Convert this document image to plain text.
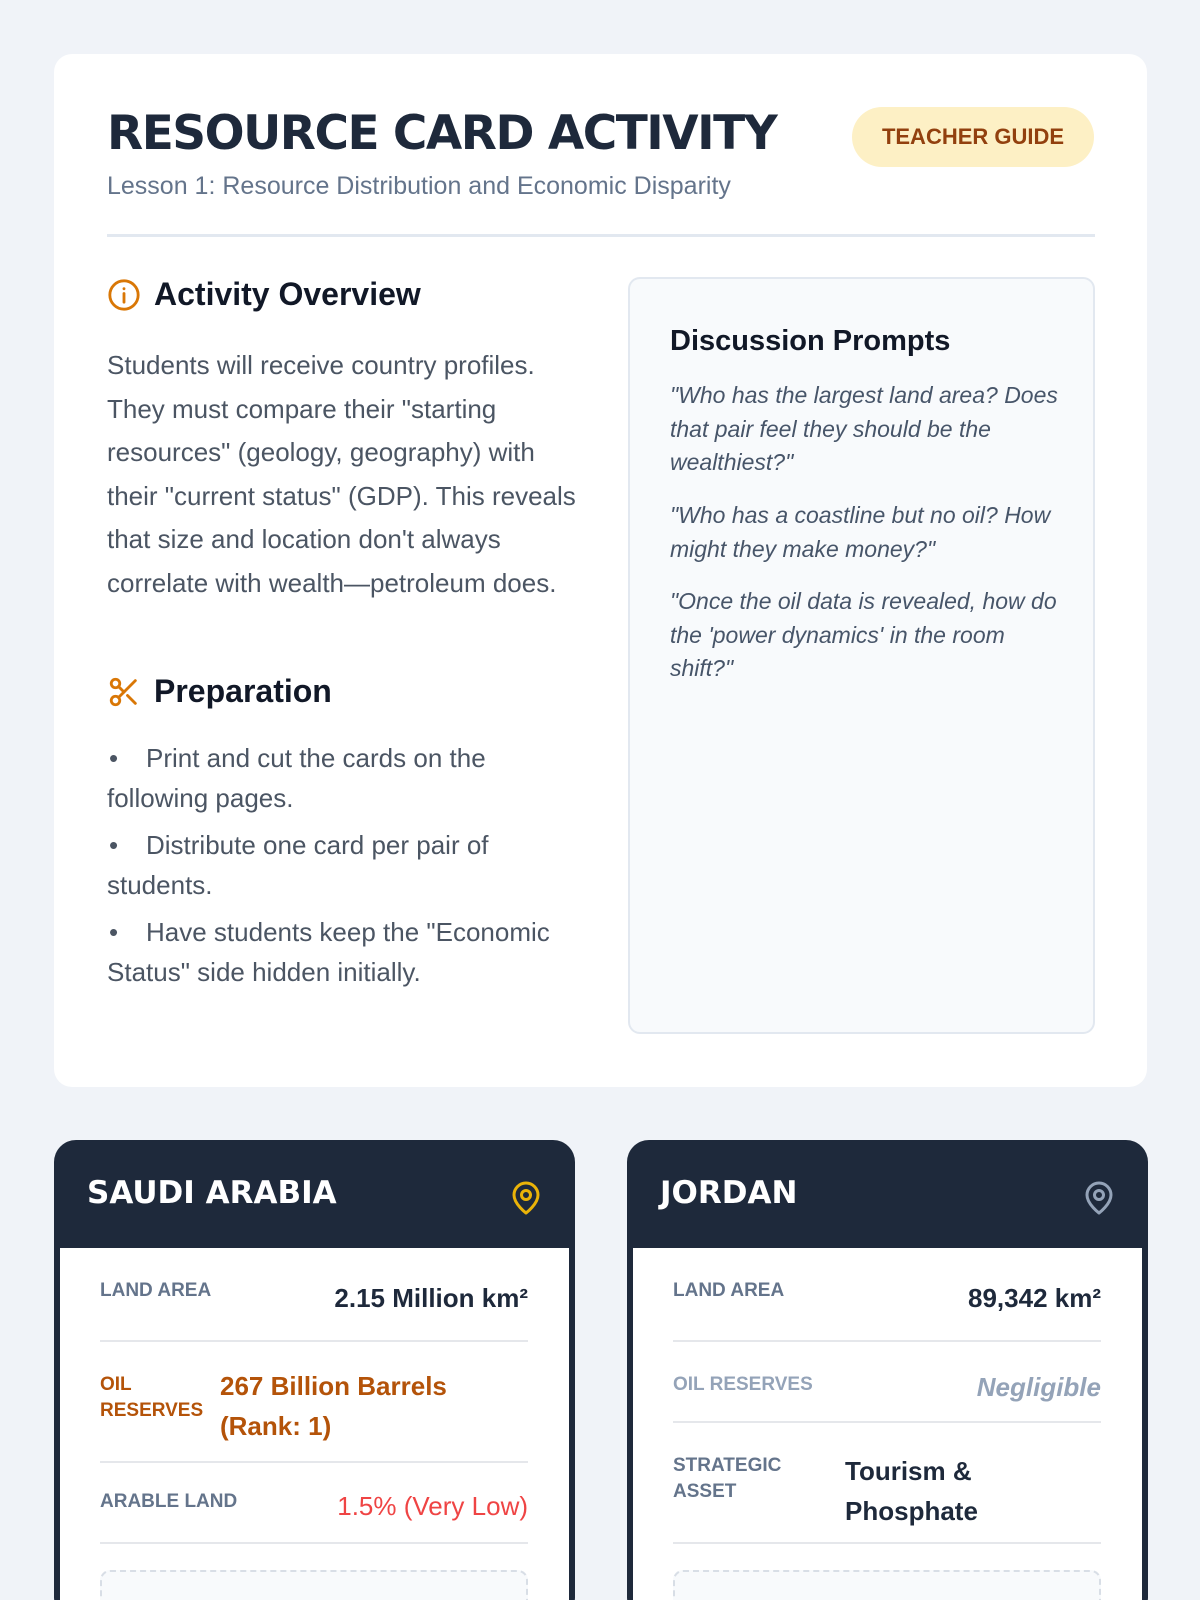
RESOURCE CARD ACTIVITY
Lesson 1: Resource Distribution and Economic Disparity
TEACHER GUIDE
Activity Overview

Students will receive country profiles. They must compare their "starting resources" (geology, geography) with their "current status" (GDP). This reveals that size and location don't always correlate with wealth—petroleum does.

Preparation
• Print and cut the cards on the following pages.
• Distribute one card per pair of students.
• Have students keep the "Economic Status" side hidden initially.
Discussion Prompts

"Who has the largest land area? Does that pair feel they should be the wealthiest?"

"Who has a coastline but no oil? How might they make money?"

"Once the oil data is revealed, how do the 'power dynamics' in the room shift?"

SAUDI ARABIA
LAND AREA	2.15 Million km²
OIL RESERVES
267 Billion Barrels (Rank: 1)
ARABLE LAND	1.5% (Very Low)
JORDAN
LAND AREA	89,342 km²
OIL RESERVES	Negligible
STRATEGIC ASSET
Tourism & Phosphate
